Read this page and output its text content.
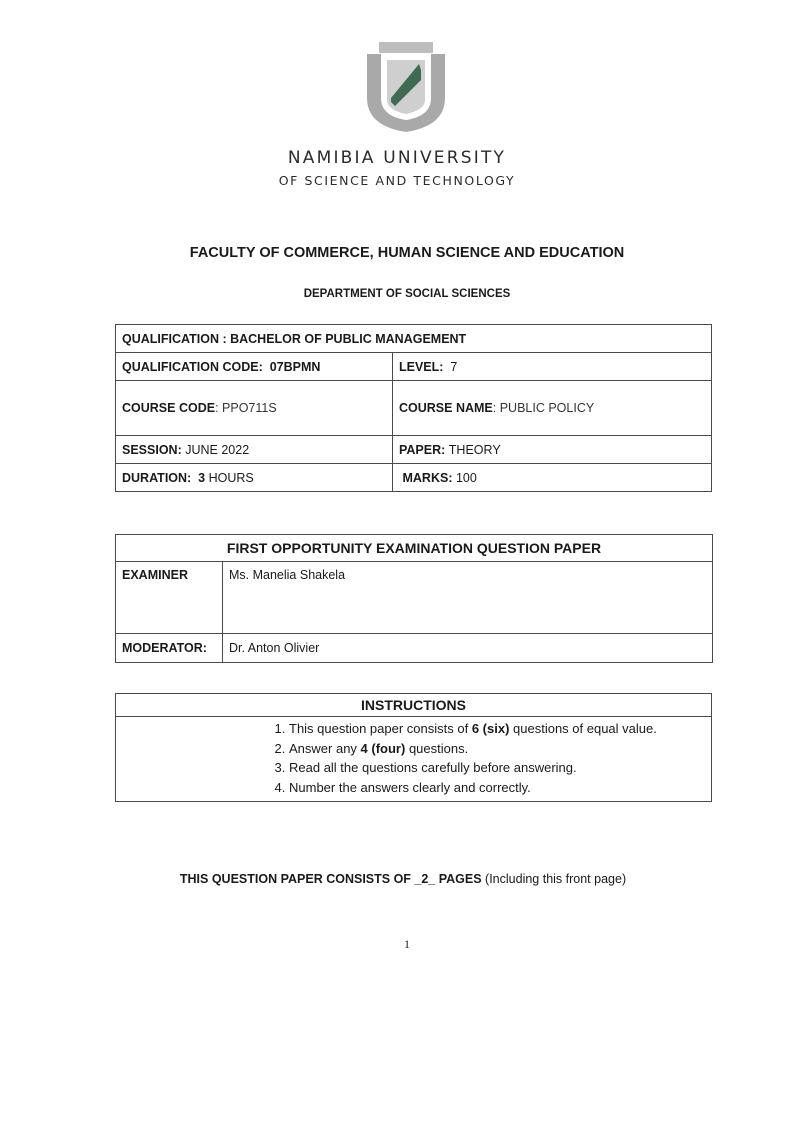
NAMIBIA UNIVERSITY
OF SCIENCE AND TECHNOLOGY
FACULTY OF COMMERCE, HUMAN SCIENCE AND EDUCATION
DEPARTMENT OF SOCIAL SCIENCES
QUALIFICATION : BACHELOR OF PUBLIC MANAGEMENT	
QUALIFICATION CODE: 07BPMN	LEVEL: 7
COURSE CODE: PPO711S	COURSE NAME: PUBLIC POLICY
SESSION: JUNE 2022	PAPER: THEORY
DURATION: 3 HOURS	MARKS: 100
FIRST OPPORTUNITY EXAMINATION QUESTION PAPER	
EXAMINER	Ms. Manelia Shakela
MODERATOR:	Dr. Anton Olivier
INSTRUCTIONS

1. This question paper consists of 6 (six) questions of equal value.
2. Answer any 4 (four) questions.
3. Read all the questions carefully before answering.
4. Number the answers clearly and correctly.
THIS QUESTION PAPER CONSISTS OF _2_ PAGES (Including this front page)
1
